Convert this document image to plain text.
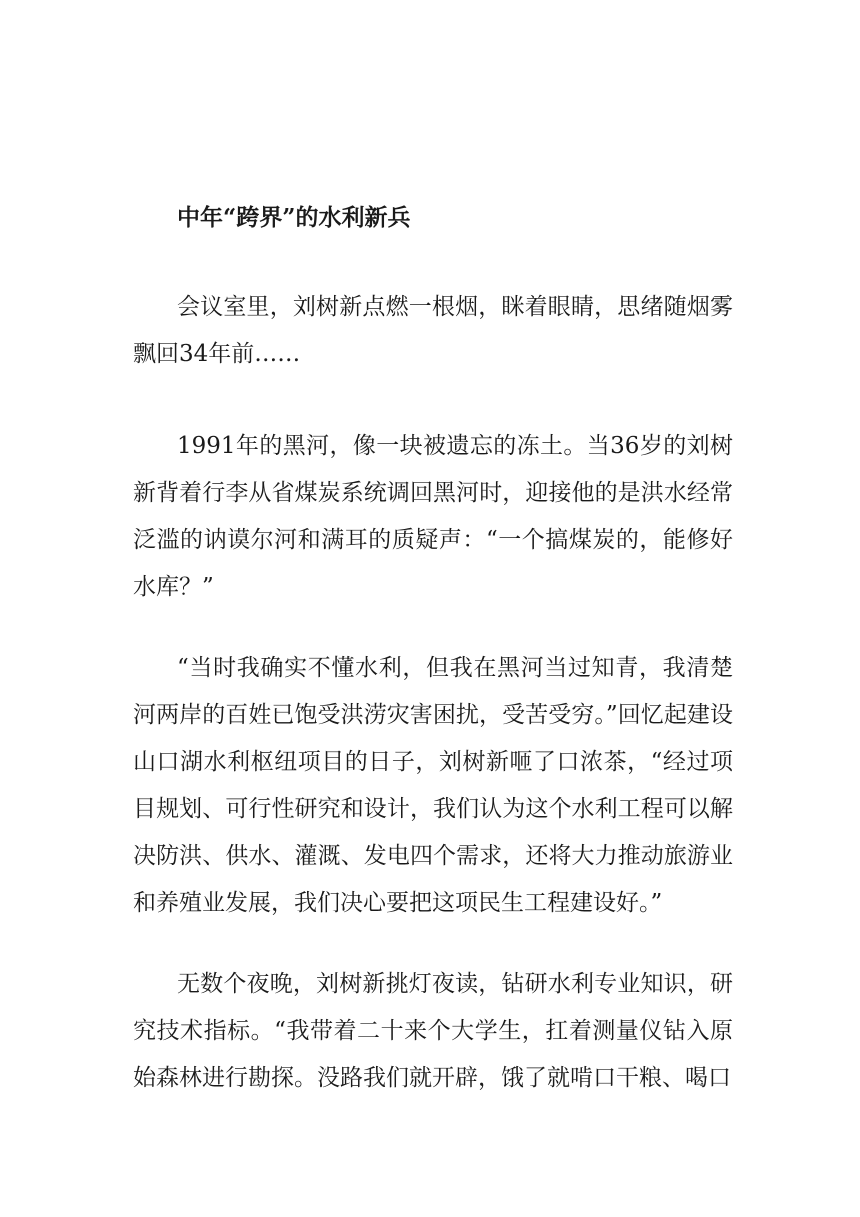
中年“跨界”的水利新兵
会议室里，刘树新点燃一根烟，眯着眼睛，思绪随烟雾飘回34年前……
1991年的黑河，像一块被遗忘的冻土。当36岁的刘树新背着行李从省煤炭系统调回黑河时，迎接他的是洪水经常泛滥的讷谟尔河和满耳的质疑声：“一个搞煤炭的，能修好水库？”
“当时我确实不懂水利，但我在黑河当过知青，我清楚河两岸的百姓已饱受洪涝灾害困扰，受苦受穷。”回忆起建设山口湖水利枢纽项目的日子，刘树新咂了口浓茶，“经过项目规划、可行性研究和设计，我们认为这个水利工程可以解决防洪、供水、灌溉、发电四个需求，还将大力推动旅游业和养殖业发展，我们决心要把这项民生工程建设好。”
无数个夜晚，刘树新挑灯夜读，钻研水利专业知识，研究技术指标。“我带着二十来个大学生，扛着测量仪钻入原始森林进行勘探。没路我们就开辟，饿了就啃口干粮、喝口
